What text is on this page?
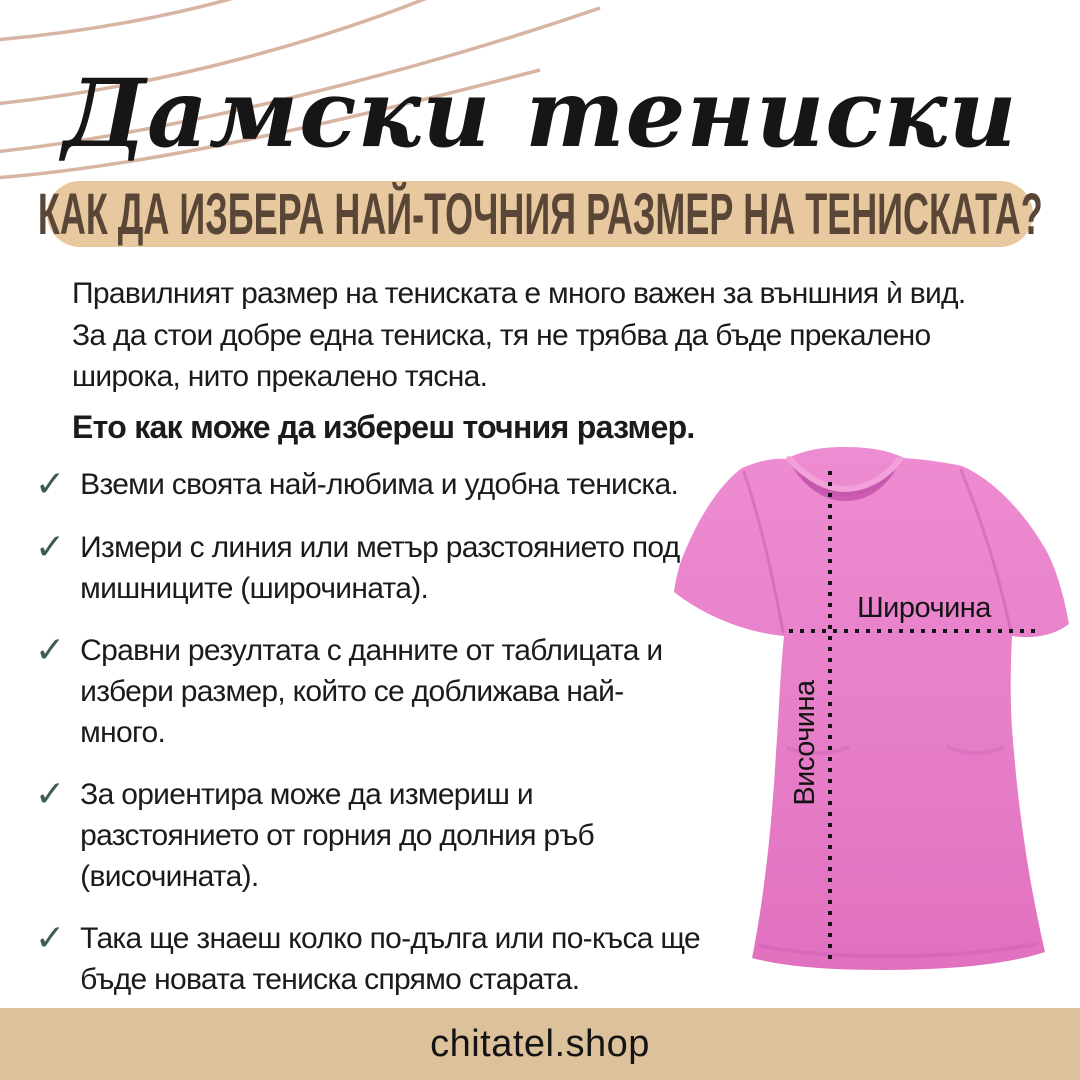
Дамски тениски
КАК ДА ИЗБЕРА НАЙ-ТОЧНИЯ РАЗМЕР НА ТЕНИСКАТА?

Правилният размер на тениската е много важен за външния ѝ вид. За да стои добре една тениска, тя не трябва да бъде прекалено широка, нито прекалено тясна.

Ето как може да избереш точния размер.

✓ Вземи своята най-любима и удобна тениска.
✓ Измери с линия или метър разстоянието под мишниците (широчината).
✓ Сравни резултата с данните от таблицата и избери размер, който се доближава най-много.
✓ За ориентира може да измериш и разстоянието от горния до долния ръб (височината).
✓ Така ще знаеш колко по-дълга или по-къса ще бъде новата тениска спрямо старата.
Широчина
Височина
chitatel.shop
